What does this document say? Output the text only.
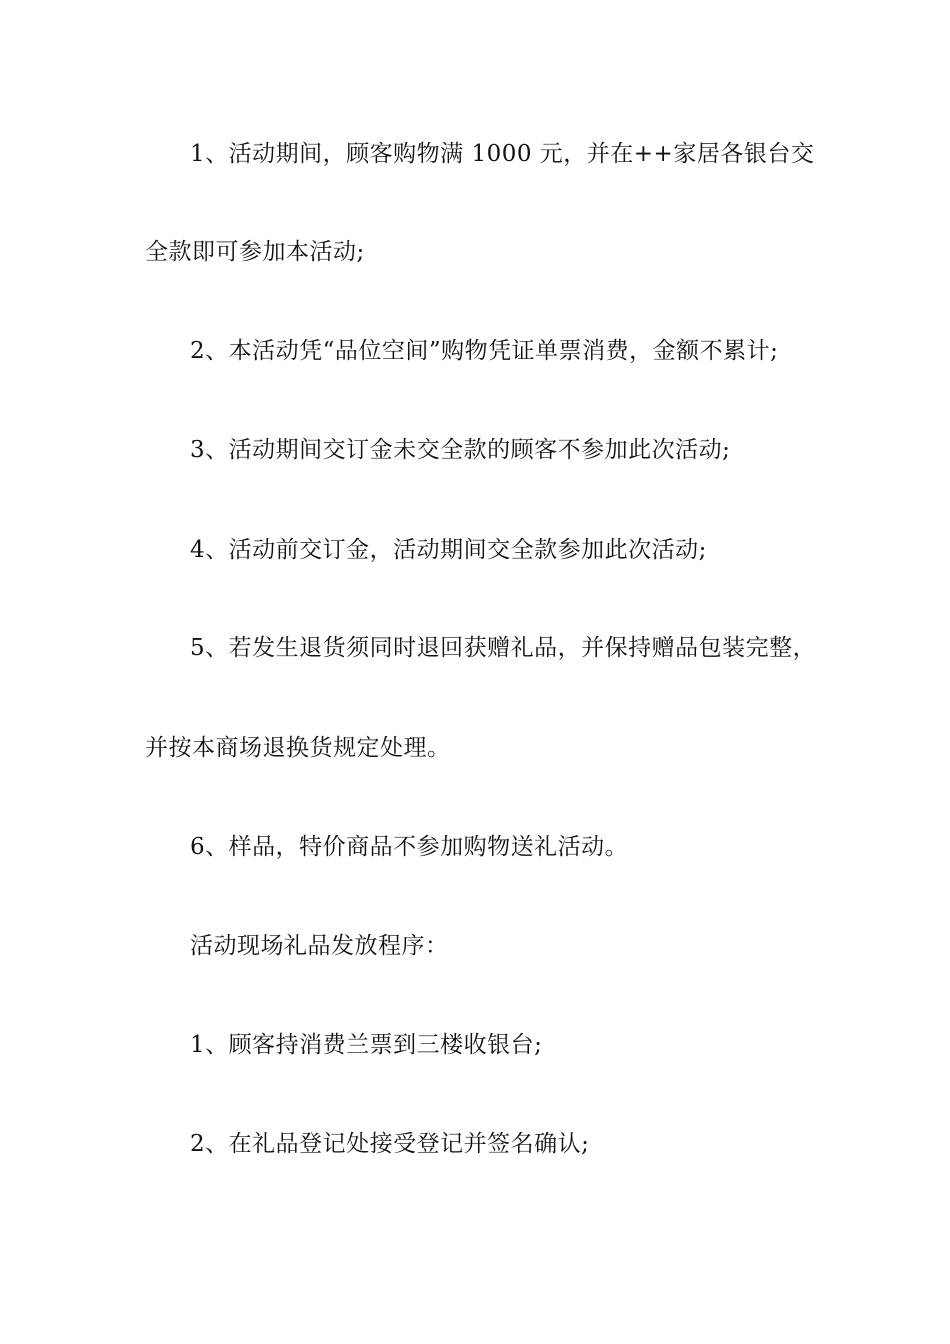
1、活动期间，顾客购物满 1000 元，并在++家居各银台交
全款即可参加本活动;
2、本活动凭“品位空间”购物凭证单票消费，金额不累计;
3、活动期间交订金未交全款的顾客不参加此次活动;
4、活动前交订金，活动期间交全款参加此次活动;
5、若发生退货须同时退回获赠礼品，并保持赠品包装完整，
并按本商场退换货规定处理。
6、样品，特价商品不参加购物送礼活动。
活动现场礼品发放程序：
1、顾客持消费兰票到三楼收银台;
2、在礼品登记处接受登记并签名确认;
